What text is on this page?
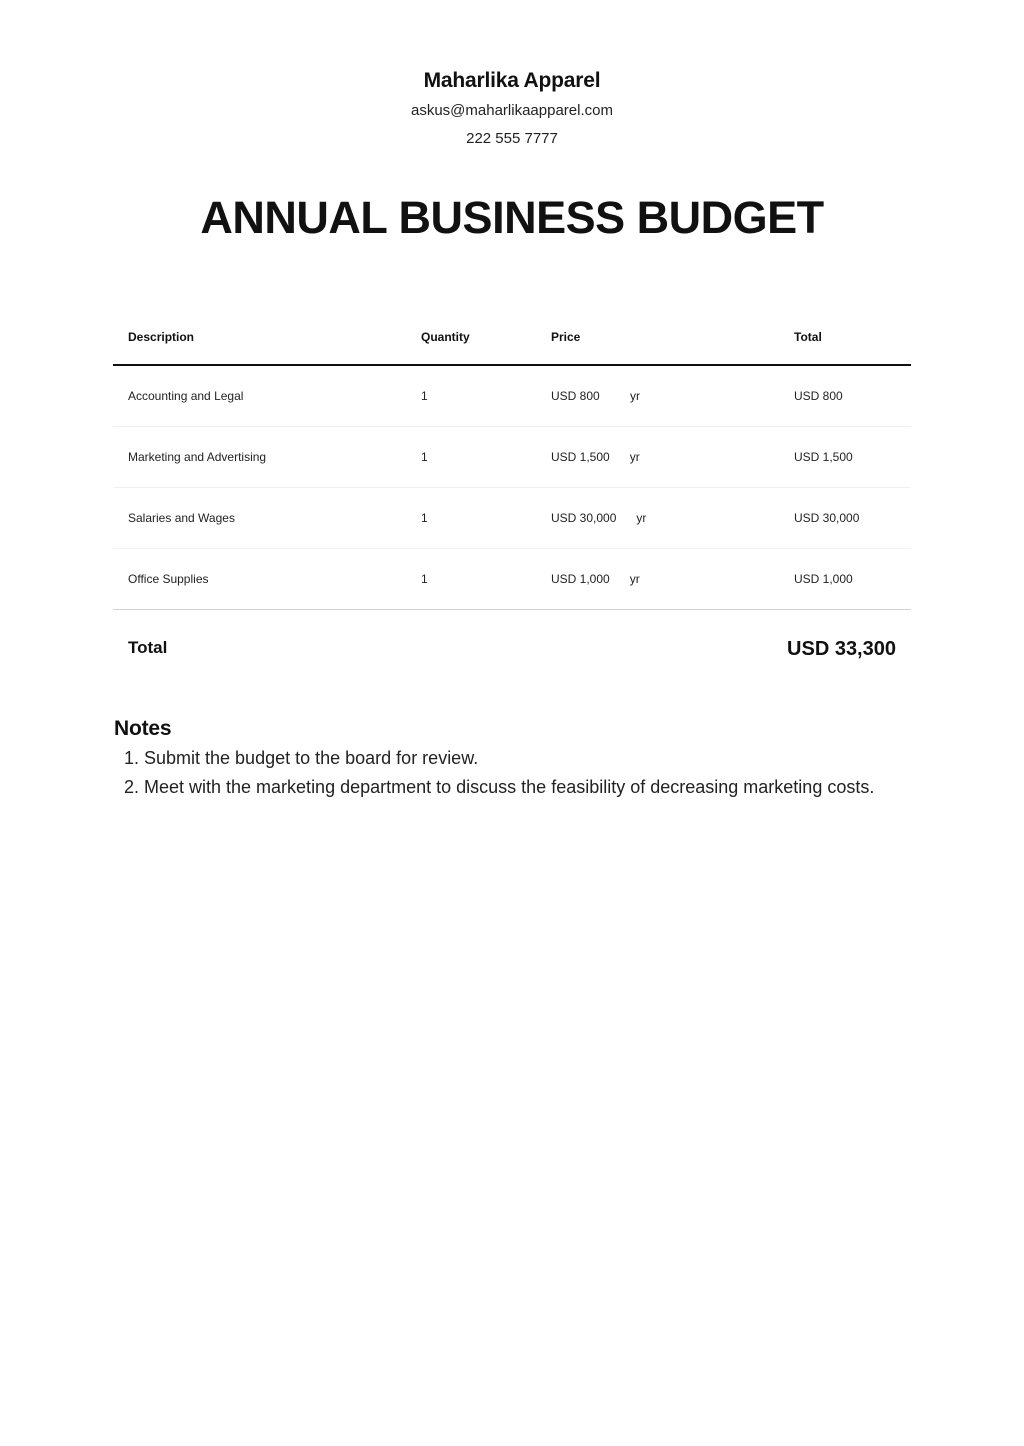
Maharlika Apparel
askus@maharlikaapparel.com
222 555 7777
ANNUAL BUSINESS BUDGET
Description	Quantity	Price	Total
Accounting and Legal	1	USD 800 yr	USD 800
Marketing and Advertising	1	USD 1,500 yr	USD 1,500
Salaries and Wages	1	USD 30,000 yr	USD 30,000
Office Supplies	1	USD 1,000 yr	USD 1,000
Total	USD 33,300
Notes
1. Submit the budget to the board for review.
2. Meet with the marketing department to discuss the feasibility of decreasing marketing costs.
